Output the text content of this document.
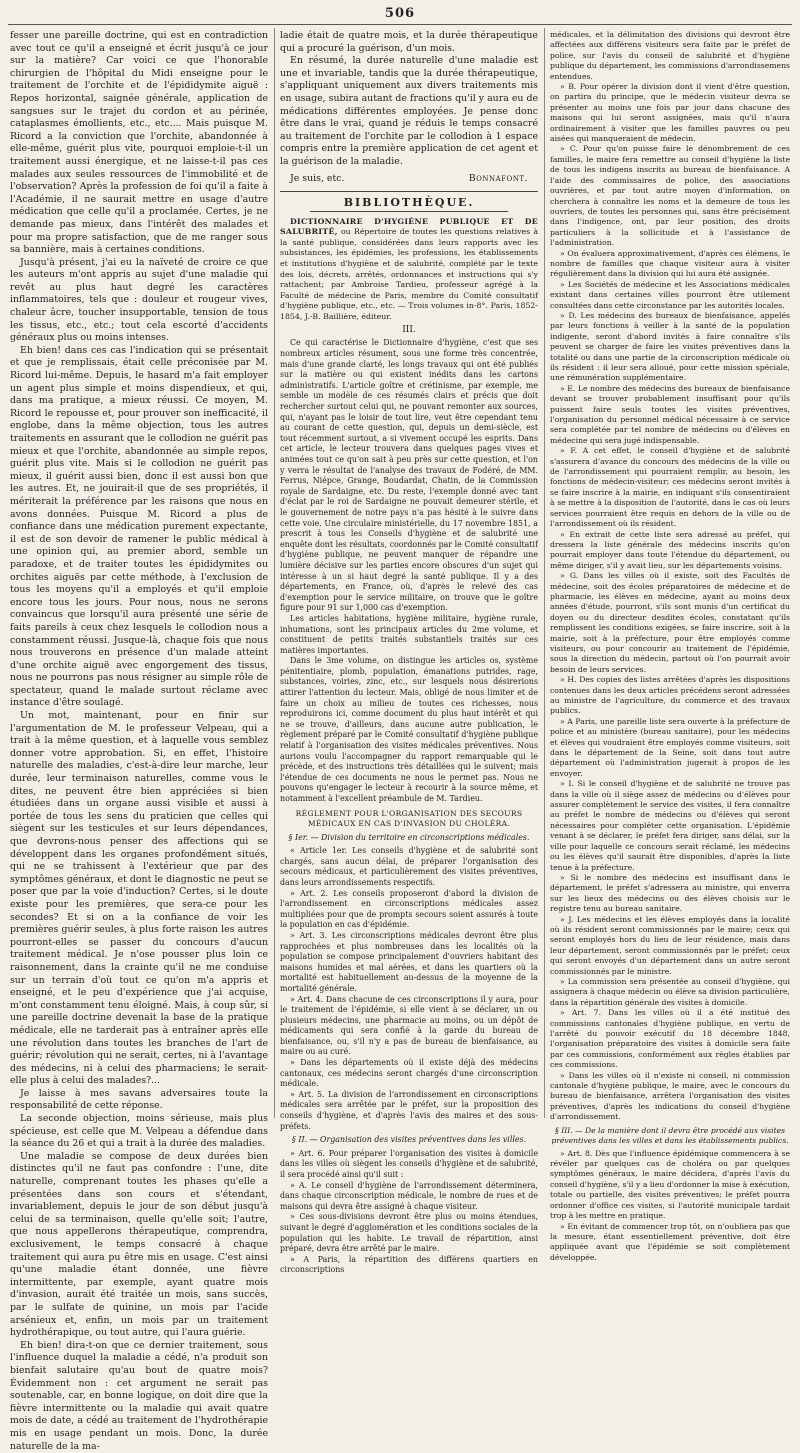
506

fesser une pareille doctrine, qui est en contradiction avec tout ce qu'il a enseigné et écrit jusqu'à ce jour sur la matière? Car voici ce que l'honorable chirurgien de l'hôpital du Midi enseigne pour le traitement de l'orchite et de l'épididymite aiguë : Repos horizontal, saignée générale, application de sangsues sur le trajet du cordon et au périnée, cataplasmes émollients, etc., etc.... Mais puisque M. Ricord a la conviction que l'orchite, abandonnée à elle-même, guérit plus vite, pourquoi emploie-t-il un traitement aussi énergique, et ne laisse-t-il pas ces malades aux seules ressources de l'immobilité et de l'observation? Après la profession de foi qu'il a faite à l'Académie, il ne saurait mettre en usage d'autre médication que celle qu'il a proclamée. Certes, je ne demande pas mieux, dans l'intérêt des malades et pour ma propre satisfaction, que de me ranger sous sa bannière, mais à certaines conditions.

Jusqu'à présent, j'ai eu la naïveté de croire ce que les auteurs m'ont appris au sujet d'une maladie qui revêt au plus haut degré les caractères inflammatoires, tels que : douleur et rougeur vives, chaleur âcre, toucher insupportable, tension de tous les tissus, etc., etc.; tout cela escorté d'accidents généraux plus ou moins intenses.

Eh bien! dans ces cas l'indication qui se présentait et que je remplissais, était celle préconisée par M. Ricord lui-même. Depuis, le hasard m'a fait employer un agent plus simple et moins dispendieux, et qui, dans ma pratique, a mieux réussi. Ce moyen, M. Ricord le repousse et, pour prouver son inefficacité, il englobe, dans la même objection, tous les autres traitements en assurant que le collodion ne guérit pas mieux et que l'orchite, abandonnée au simple repos, guérit plus vite. Mais si le collodion ne guérit pas mieux, il guérit aussi bien, donc il est aussi bon que les autres. Et, ne jouirait-il que de ses propriétés, il mériterait la préférence par les raisons que nous en avons données. Puisque M. Ricord a plus de confiance dans une médication purement expectante, il est de son devoir de ramener le public médical à une opinion qui, au premier abord, semble un paradoxe, et de traiter toutes les épididymites ou orchites aiguës par cette méthode, à l'exclusion de tous les moyens qu'il a employés et qu'il emploie encore tous les jours. Pour nous, nous ne serons convaincus que lorsqu'il aura présenté une série de faits pareils à ceux chez lesquels le collodion nous a constamment réussi. Jusque-là, chaque fois que nous nous trouverons en présence d'un malade atteint d'une orchite aiguë avec engorgement des tissus, nous ne pourrons pas nous résigner au simple rôle de spectateur, quand le malade surtout réclame avec instance d'être soulagé.

Un mot, maintenant, pour en finir sur l'argumentation de M. le professeur Velpeau, qui a trait à la même question, et à laquelle vous semblez donner votre approbation. Si, en effet, l'histoire naturelle des maladies, c'est-à-dire leur marche, leur durée, leur terminaison naturelles, comme vous le dites, ne peuvent être bien appréciées si bien étudiées dans un organe aussi visible et aussi à portée de tous les sens du praticien que celles qui siègent sur les testicules et sur leurs dépendances, que devrons-nous penser des affections qui se développent dans les organes profondément situés, qui ne se trahissent à l'extérieur que par des symptômes généraux, et dont le diagnostic ne peut se poser que par la voie d'induction? Certes, si le doute existe pour les premières, que sera-ce pour les secondes? Et si on a la confiance de voir les premières guérir seules, à plus forte raison les autres pourront-elles se passer du concours d'aucun traitement médical. Je n'ose pousser plus loin ce raisonnement, dans la crainte qu'il ne me conduise sur un terrain d'où tout ce qu'on m'a appris et enseigné, et le peu d'expérience que j'ai acquise, m'ont constamment tenu éloigné. Mais, à coup sûr, si une pareille doctrine devenait la base de la pratique médicale, elle ne tarderait pas à entraîner après elle une révolution dans toutes les branches de l'art de guérir; révolution qui ne serait, certes, ni à l'avantage des médecins, ni à celui des pharmaciens; le serait-elle plus à celui des malades?...

Je laisse à mes savans adversaires toute la responsabilité de cette réponse.

La seconde objection, moins sérieuse, mais plus spécieuse, est celle que M. Velpeau a défendue dans la séance du 26 et qui a trait à la durée des maladies.

Une maladie se compose de deux durées bien distinctes qu'il ne faut pas confondre : l'une, dite naturelle, comprenant toutes les phases qu'elle a présentées dans son cours et s'étendant, invariablement, depuis le jour de son début jusqu'à celui de sa terminaison, quelle qu'elle soit; l'autre, que nous appellerons thérapeutique, comprendra, exclusivement, le temps consacré à chaque traitement qui aura pu être mis en usage. C'est ainsi qu'une maladie étant donnée, une fièvre intermittente, par exemple, ayant quatre mois d'invasion, aurait été traitée un mois, sans succès, par le sulfate de quinine, un mois par l'acide arsénieux et, enfin, un mois par un traitement hydrothérapique, ou tout autre, qui l'aura guérie.

Eh bien! dira-t-on que ce dernier traitement, sous l'influence duquel la maladie a cédé, n'a produit son bienfait salutaire qu'au bout de quatre mois? Évidemment non : cet argument ne serait pas soutenable, car, en bonne logique, on doit dire que la fièvre intermittente ou la maladie qui avait quatre mois de date, a cédé au traitement de l'hydrothérapie mis en usage pendant un mois. Donc, la durée naturelle de la ma-

ladie était de quatre mois, et la durée thérapeutique qui a procuré la guérison, d'un mois.

En résumé, la durée naturelle d'une maladie est une et invariable, tandis que la durée thérapeutique, s'appliquant uniquement aux divers traitements mis en usage, subira autant de fractions qu'il y aura eu de médications différentes employées. Je pense donc être dans le vrai, quand je réduis le temps consacré au traitement de l'orchite par le collodion à 1 espace compris entre la première application de cet agent et la guérison de la maladie.

Je suis, etc.	Bonnafont.
BIBLIOTHÈQUE.

DICTIONNAIRE D'HYGIÈNE PUBLIQUE ET DE SALUBRITÉ, ou Répertoire de toutes les questions relatives à la santé publique, considérées dans leurs rapports avec les subsistances, les épidémies, les professions, les établissements et institutions d'hygiène et de salubrité, complété par le texte des lois, décrets, arrêtés, ordonnances et instructions qui s'y rattachent; par Ambroise Tardieu, professeur agrégé à la Faculté de médecine de Paris, membre du Comité consultatif d'hygiène publique, etc., etc. — Trois volumes in-8°. Paris, 1852-1854, J.-B. Baillière, éditeur.

III.

Ce qui caractérise le Dictionnaire d'hygiène, c'est que ses nombreux articles résument, sous une forme très concentrée, mais d'une grande clarté, les longs travaux qui ont été publiés sur la matière ou qui existent inédits dans les cartons administratifs. L'article goître et crétinisme, par exemple, me semble un modèle de ces résumés clairs et précis que doit rechercher surtout celui qui, ne pouvant remonter aux sources, qui, n'ayant pas le loisir de tout lire, veut être cependant tenu au courant de cette question, qui, depuis un demi-siècle, est tout récemment surtout, a si vivement occupé les esprits. Dans cet article, le lecteur trouvera dans quelques pages vives et animées tout ce qu'on sait à peu près sur cette question, et l'on y verra le résultat de l'analyse des travaux de Fodéré, de MM. Ferrus, Niépce, Grange, Boudardat, Chatin, de la Commission royale de Sardaigne, etc. Du reste, l'exemple donné avec tant d'éclat par le roi de Sardaigne ne pouvait demeurer stérile, et le gouvernement de notre pays n'a pas hésité à le suivre dans cette voie. Une circulaire ministérielle, du 17 novembre 1851, a prescrit à tous les Conseils d'hygiène et de salubrité une enquête dont les résultats, coordonnés par le Comité consultatif d'hygiène publique, ne peuvent manquer de répandre une lumière décisive sur les parties encore obscures d'un sujet qui intéresse à un si haut degré la santé publique. Il y a des départements, en France, où, d'après le relevé des cas d'exemption pour le service militaire, on trouve que le goître figure pour 91 sur 1,000 cas d'exemption.

Les articles habitations, hygiène militaire, hygiène rurale, inhumations, sont les principaux articles du 2me volume, et constituent de petits traités substantiels traités sur ces matières importantes.

Dans le 3me volume, on distingue les articles os, système pénitentiaire, plomb, population, émanations putrides, rage, substances, voiries, zinc, etc., sur lesquels nous désirerions attirer l'attention du lecteur. Mais, obligé de nous limiter et de faire un choix au milieu de toutes ces richesses, nous reproduirons ici, comme document du plus haut intérêt et qui ne se trouve, d'ailleurs, dans aucune autre publication, le règlement préparé par le Comité consultatif d'hygiène publique relatif à l'organisation des visites médicales préventives. Nous aurions voulu l'accompagner du rapport remarquable qui le précède, et des instructions très détaillées qui le suivent; mais l'étendue de ces documents ne nous le permet pas. Nous ne pouvons qu'engager le lecteur à recourir à la source même, et notamment à l'excellent préambule de M. Tardieu.

RÈGLEMENT POUR L'ORGANISATION DES SECOURS MÉDICAUX EN CAS D'INVASION DU CHOLÉRA.
§ Ier. — Division du territoire en circonscriptions médicales.

« Article 1er. Les conseils d'hygiène et de salubrité sont chargés, sans aucun délai, de préparer l'organisation des secours médicaux, et particulièrement des visites préventives, dans leurs arrondissements respectifs.

» Art. 2. Les conseils proposeront d'abord la division de l'arrondissement en circonscriptions médicales assez multipliées pour que de prompts secours soient assurés à toute la population en cas d'épidémie.

» Art. 3. Les circonscriptions médicales devront être plus rapprochées et plus nombreuses dans les localités où la population se compose principalement d'ouvriers habitant des maisons humides et mal aérées, et dans les quartiers où la mortalité est habituellement au-dessus de la moyenne de la mortalité générale.

» Art. 4. Dans chacune de ces circonscriptions il y aura, pour le traitement de l'épidémie, si elle vient à se déclarer, un ou plusieurs médecins, une pharmacie au moins, ou un dépôt de médicaments qui sera confié à la garde du bureau de bienfaisance, ou, s'il n'y a pas de bureau de bienfaisance, au maire ou au curé.

» Dans les départements où il existe déjà des médecins cantonaux, ces médecins seront chargés d'une circonscription médicale.

» Art. 5. La division de l'arrondissement en circonscriptions médicales sera arrêtée par le préfet, sur la proposition des conseils d'hygiène, et d'après l'avis des maires et des sous-préfets.

§ II. — Organisation des visites préventives dans les villes.

» Art. 6. Pour préparer l'organisation des visites à domicile dans les villes où siègent les conseils d'hygiène et de salubrité, il sera procédé ainsi qu'il suit :

» A. Le conseil d'hygiène de l'arrondissement déterminera, dans chaque circonscription médicale, le nombre de rues et de maisons qui devra être assigné à chaque visiteur.

» Ces sous-divisions devront être plus ou moins étendues, suivant le degré d'agglomération et les conditions sociales de la population qui les habite. Le travail de répartition, ainsi préparé, devra être arrêté par le maire.

» A Paris, la répartition des différens quartiers en circonscriptions

médicales, et la délimitation des divisions qui devront être affectées aux différens visiteurs sera faite par le préfet de police, sur l'avis du conseil de salubrité et d'hygiène publique du département, les commissions d'arrondissemens entendues.

» B. Pour opérer la division dont il vient d'être question, on partira du principe, que le médecin visiteur devra se présenter au moins une fois par jour dans chacune des maisons qui lui seront assignées, mais qu'il n'aura ordinairement à visiter que les familles pauvres ou peu aisées qui manqueraient de médecin.

» C. Pour qu'on puisse faire le dénombrement de ces familles, le maire fera remettre au conseil d'hygiène la liste de tous les indigens inscrits au bureau de bienfaisance. A l'aide des commissaires de police, des associations ouvrières, et par tout autre moyen d'information, on cherchera à connaître les noms et la demeure de tous les ouvriers, de toutes les personnes qui, sans être précisément dans l'indigence, ont, par leur position, des droits particuliers à la sollicitude et à l'assistance de l'administration.

» On évaluera approximativement, d'après ces élémens, le nombre de familles que chaque visiteur aura à visiter régulièrement dans la division qui lui aura été assignée.

» Les Sociétés de médecine et les Associations médicales existant dans certaines villes pourront être utilement consultées dans cette circonstance par les autorités locales.

» D. Les médecins des bureaux de bienfaisance, appelés par leurs fonctions à veiller à la santé de la population indigente, seront d'abord invités à faire connaître s'ils peuvent se charger de faire les visites préventives dans la totalité ou dans une partie de la circonscription médicale où ils résident : il leur sera alloué, pour cette mission spéciale, une rémunération supplémentaire.

» E. Le nombre des médecins des bureaux de bienfaisance devant se trouver probablement insuffisant pour qu'ils puissent faire seuls toutes les visites préventives, l'organisation du personnel médical nécessaire à ce service sera complétée par tel nombre de médecins ou d'élèves en médecine qui sera jugé indispensable.

» F. A cet effet, le conseil d'hygiène et de salubrité s'assurera d'avance du concours des médecins de la ville ou de l'arrondissement qui pourraient remplir, au besoin, les fonctions de médecin-visiteur; ces médecins seront invités à se faire inscrire à la mairie, en indiquant s'ils consentiraient à se mettre à la disposition de l'autorité, dans le cas où leurs services pourraient être requis en dehors de la ville ou de l'arrondissement où ils résident.

» En extrait de cette liste sera adressé au préfet, qui dressera la liste générale des médecins inscrits qu'on pourrait employer dans toute l'étendue du département, ou même diriger, s'il y avait lieu, sur les départements voisins.

» G. Dans les villes où il existe, soit des Facultés de médecine, soit des écoles préparatoires de médecine et de pharmacie, les élèves en médecine, ayant au moins deux années d'étude, pourront, s'ils sont munis d'un certificat du doyen ou du directeur desdites écoles, constatant qu'ils remplissent les conditions exigées, se faire inscrire, soit à la mairie, soit à la préfecture, pour être employés comme visiteurs, ou pour concourir au traitement de l'épidémie, sous la direction du médecin, partout où l'on pourrait avoir besoin de leurs services.

» H. Des copies des listes arrêtées d'après les dispositions contenues dans les deux articles précédens seront adressées au ministre de l'agriculture, du commerce et des travaux publics.

» A Paris, une pareille liste sera ouverte à la préfecture de police et au ministère (bureau sanitaire), pour les médecins et élèves qui voudraient être employés comme visiteurs, soit dans le département de la Seine, soit dans tout autre département où l'administration jugerait à propos de les envoyer.

» I. Si le conseil d'hygiène et de salubrité ne trouve pas dans la ville où il siège assez de médecins ou d'élèves pour assurer complètement le service des visites, il fera connaître au préfet le nombre de médecins ou d'élèves qui seront nécessaires pour compléter cette organisation. L'épidémie venant à se déclarer, le préfet fera diriger, sans délai, sur la ville pour laquelle ce concours serait réclamé, les médecins ou les élèves qu'il saurait être disponibles, d'après la liste tenue à la préfecture.

» Si le nombre des médecins est insuffisant dans le département, le préfet s'adressera au ministre, qui enverra sur les lieux des médecins ou des élèves choisis sur le registre tenu au bureau sanitaire.

» J. Les médecins et les élèves employés dans la localité où ils résident seront commissionnés par le maire; ceux qui seront employés hors du lieu de leur résidence, mais dans leur département, seront commissionnés par le préfet; ceux qui seront envoyés d'un département dans un autre seront commissionnés par le ministre.

» La commission sera présentée au conseil d'hygiène, qui assignera à chaque médecin ou élève sa division particulière, dans la répartition générale des visites à domicile.

» Art. 7. Dans les villes où il a été institué des commissions cantonales d'hygiène publique, en vertu de l'arrêté du pouvoir exécutif du 18 décembre 1848, l'organisation préparatoire des visites à domicile sera faite par ces commissions, conformément aux règles établies par ces commissions.

» Dans les villes où il n'existe ni conseil, ni commission cantonale d'hygiène publique, le maire, avec le concours du bureau de bienfaisance, arrêtera l'organisation des visites préventives, d'après les indications du conseil d'hygiène d'arrondissement.

§ III. — De la manière dont il devra être procédé aux visites préventives dans les villes et dans les établissements publics.

» Art. 8. Dès que l'influence épidémique commencera à se révéler par quelques cas de choléra ou par quelques symptômes généraux, le maire décidera, d'après l'avis du conseil d'hygiène, s'il y a lieu d'ordonner la mise à exécution, totale ou partielle, des visites préventives; le préfet pourra ordonner d'office ces visites, si l'autorité municipale tardait trop à les mettre en pratique.

» En évitant de commencer trop tôt, on n'oubliera pas que la mesure, étant essentiellement préventive, doit être appliquée avant que l'épidémie se soit complètement développée.
